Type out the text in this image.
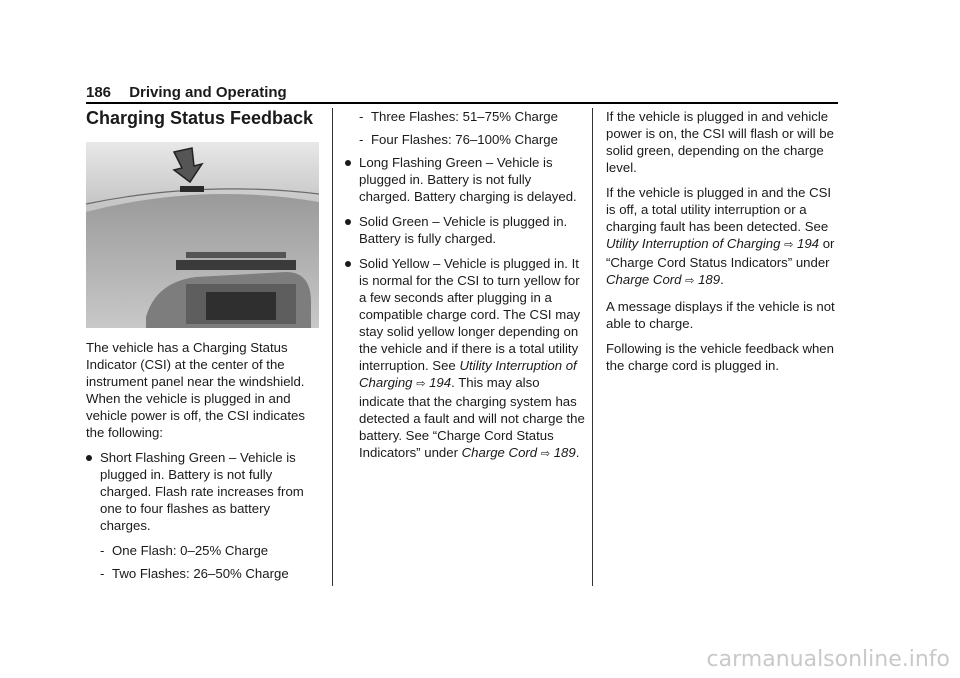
186 Driving and Operating
Charging Status Feedback

The vehicle has a Charging Status Indicator (CSI) at the center of the instrument panel near the windshield. When the vehicle is plugged in and vehicle power is off, the CSI indicates the following:

Short Flashing Green – Vehicle is plugged in. Battery is not fully charged. Flash rate increases from one to four flashes as battery charges.
- One Flash: 0–25% Charge
- Two Flashes: 26–50% Charge
- Three Flashes: 51–75% Charge
- Four Flashes: 76–100% Charge
Long Flashing Green – Vehicle is plugged in. Battery is not fully charged. Battery charging is delayed.
Solid Green – Vehicle is plugged in. Battery is fully charged.
Solid Yellow – Vehicle is plugged in. It is normal for the CSI to turn yellow for a few seconds after plugging in a compatible charge cord. The CSI may stay solid yellow longer depending on the vehicle and if there is a total utility interruption. See Utility Interruption of Charging ⇨ 194. This may also indicate that the charging system has detected a fault and will not charge the battery. See “Charge Cord Status Indicators” under Charge Cord ⇨ 189.

If the vehicle is plugged in and vehicle power is on, the CSI will flash or will be solid green, depending on the charge level.

If the vehicle is plugged in and the CSI is off, a total utility interruption or a charging fault has been detected. See Utility Interruption of Charging ⇨ 194 or “Charge Cord Status Indicators” under Charge Cord ⇨ 189.

A message displays if the vehicle is not able to charge.

Following is the vehicle feedback when the charge cord is plugged in.

carmanualsonline.info
